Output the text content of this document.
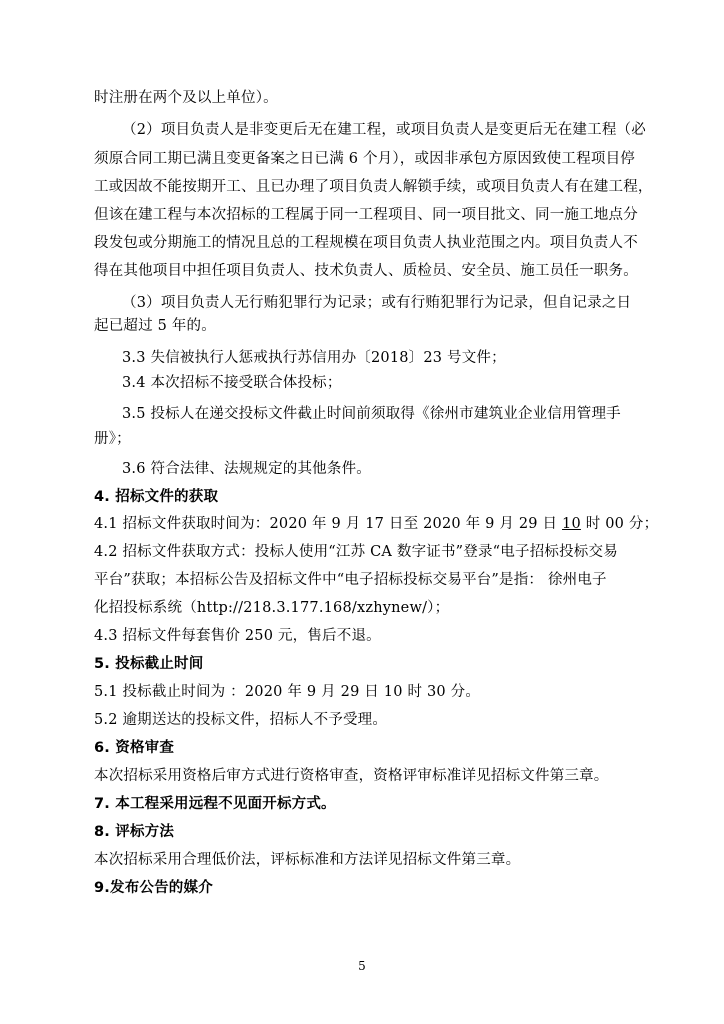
时注册在两个及以上单位）。
（2）项目负责人是非变更后无在建工程，或项目负责人是变更后无在建工程（必
须原合同工期已满且变更备案之日已满 6 个月），或因非承包方原因致使工程项目停
工或因故不能按期开工、且已办理了项目负责人解锁手续，或项目负责人有在建工程，
但该在建工程与本次招标的工程属于同一工程项目、同一项目批文、同一施工地点分
段发包或分期施工的情况且总的工程规模在项目负责人执业范围之内。项目负责人不
得在其他项目中担任项目负责人、技术负责人、质检员、安全员、施工员任一职务。
（3）项目负责人无行贿犯罪行为记录；或有行贿犯罪行为记录，但自记录之日
起已超过 5 年的。
3.3 失信被执行人惩戒执行苏信用办〔2018〕23 号文件；
3.4 本次招标不接受联合体投标；
3.5 投标人在递交投标文件截止时间前须取得《徐州市建筑业企业信用管理手
册》；
3.6 符合法律、法规规定的其他条件。
4. 招标文件的获取
4.1 招标文件获取时间为：2020 年 9 月 17 日至 2020 年 9 月 29 日 10 时 00 分；
4.2 招标文件获取方式：投标人使用“江苏 CA 数字证书”登录“电子招标投标交易
平台”获取；本招标公告及招标文件中“电子招标投标交易平台”是指： 徐州电子
化招投标系统（http://218.3.177.168/xzhynew/）；
4.3 招标文件每套售价 250 元，售后不退。
5. 投标截止时间
5.1 投标截止时间为 ：2020 年 9 月 29 日 10 时 30 分。
5.2 逾期送达的投标文件，招标人不予受理。
6. 资格审查
本次招标采用资格后审方式进行资格审查，资格评审标准详见招标文件第三章。
7. 本工程采用远程不见面开标方式。
8. 评标方法
本次招标采用合理低价法，评标标准和方法详见招标文件第三章。
9.发布公告的媒介
5
